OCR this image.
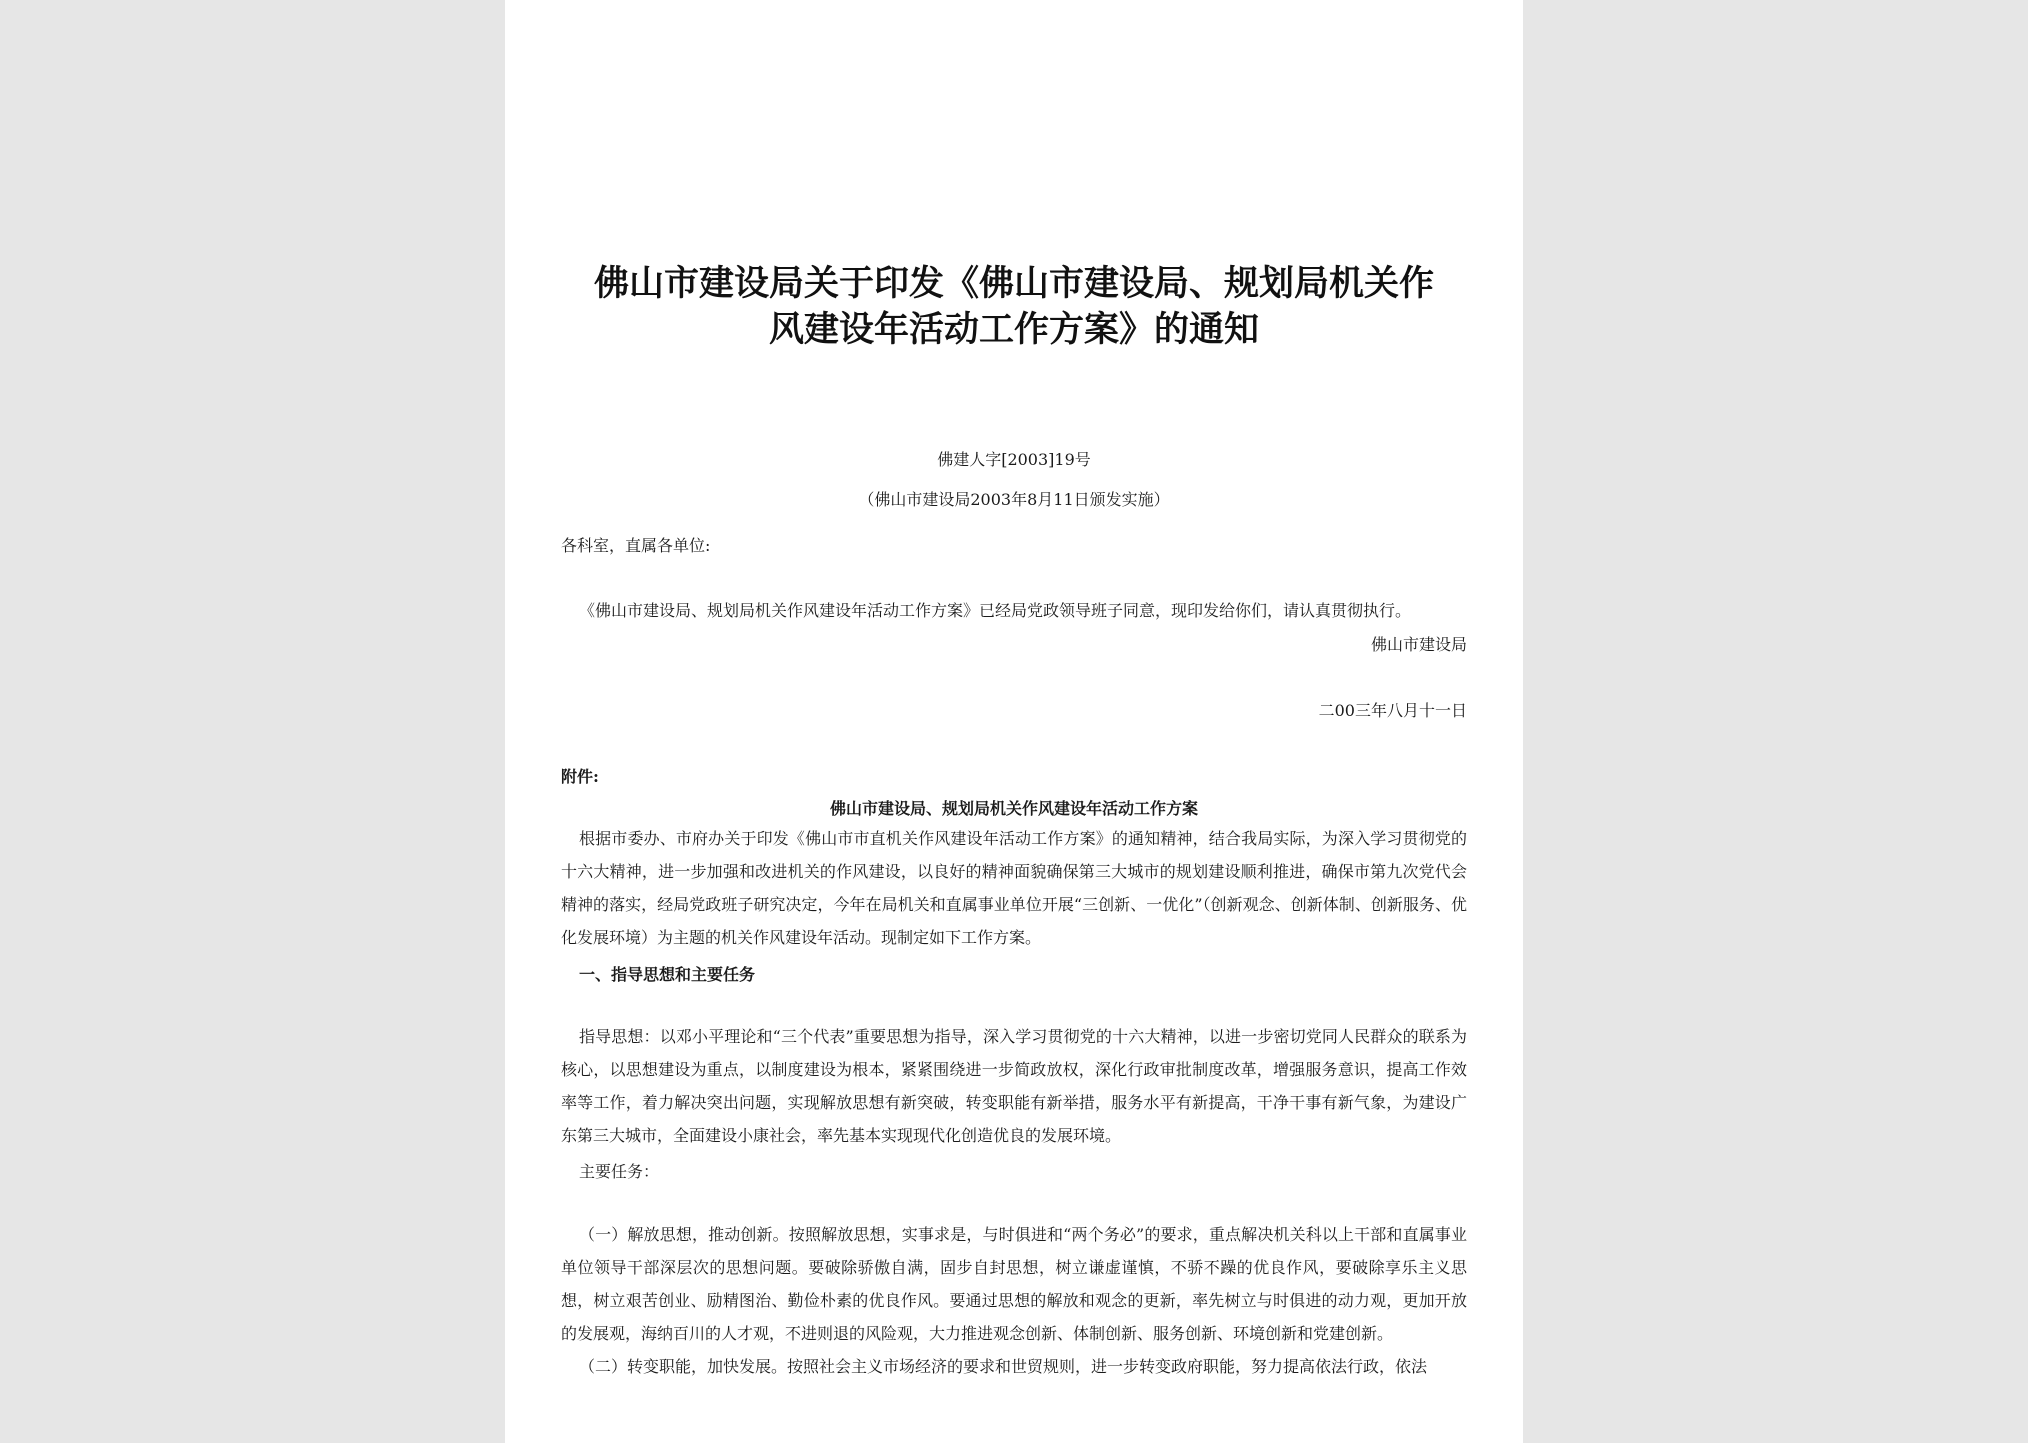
佛山市建设局关于印发《佛山市建设局、规划局机关作
风建设年活动工作方案》的通知

佛建人字[2003]19号

（佛山市建设局2003年8月11日颁发实施）

各科室，直属各单位:

《佛山市建设局、规划局机关作风建设年活动工作方案》已经局党政领导班子同意，现印发给你们，请认真贯彻执行。

佛山市建设局

二00三年八月十一日

附件:

佛山市建设局、规划局机关作风建设年活动工作方案

根据市委办、市府办关于印发《佛山市市直机关作风建设年活动工作方案》的通知精神，结合我局实际，为深入学习贯彻党的十六大精神，进一步加强和改进机关的作风建设，以良好的精神面貌确保第三大城市的规划建设顺利推进，确保市第九次党代会精神的落实，经局党政班子研究决定，今年在局机关和直属事业单位开展“三创新、一优化”（创新观念、创新体制、创新服务、优化发展环境）为主题的机关作风建设年活动。现制定如下工作方案。

一、指导思想和主要任务

指导思想：以邓小平理论和“三个代表”重要思想为指导，深入学习贯彻党的十六大精神，以进一步密切党同人民群众的联系为核心，以思想建设为重点，以制度建设为根本，紧紧围绕进一步简政放权，深化行政审批制度改革，增强服务意识，提高工作效率等工作，着力解决突出问题，实现解放思想有新突破，转变职能有新举措，服务水平有新提高，干净干事有新气象，为建设广东第三大城市，全面建设小康社会，率先基本实现现代化创造优良的发展环境。

主要任务：

（一）解放思想，推动创新。按照解放思想，实事求是，与时俱进和“两个务必”的要求，重点解决机关科以上干部和直属事业单位领导干部深层次的思想问题。要破除骄傲自满，固步自封思想，树立谦虚谨慎，不骄不躁的优良作风，要破除享乐主义思想，树立艰苦创业、励精图治、勤俭朴素的优良作风。要通过思想的解放和观念的更新，率先树立与时俱进的动力观，更加开放的发展观，海纳百川的人才观，不进则退的风险观，大力推进观念创新、体制创新、服务创新、环境创新和党建创新。

（二）转变职能，加快发展。按照社会主义市场经济的要求和世贸规则，进一步转变政府职能，努力提高依法行政，依法
